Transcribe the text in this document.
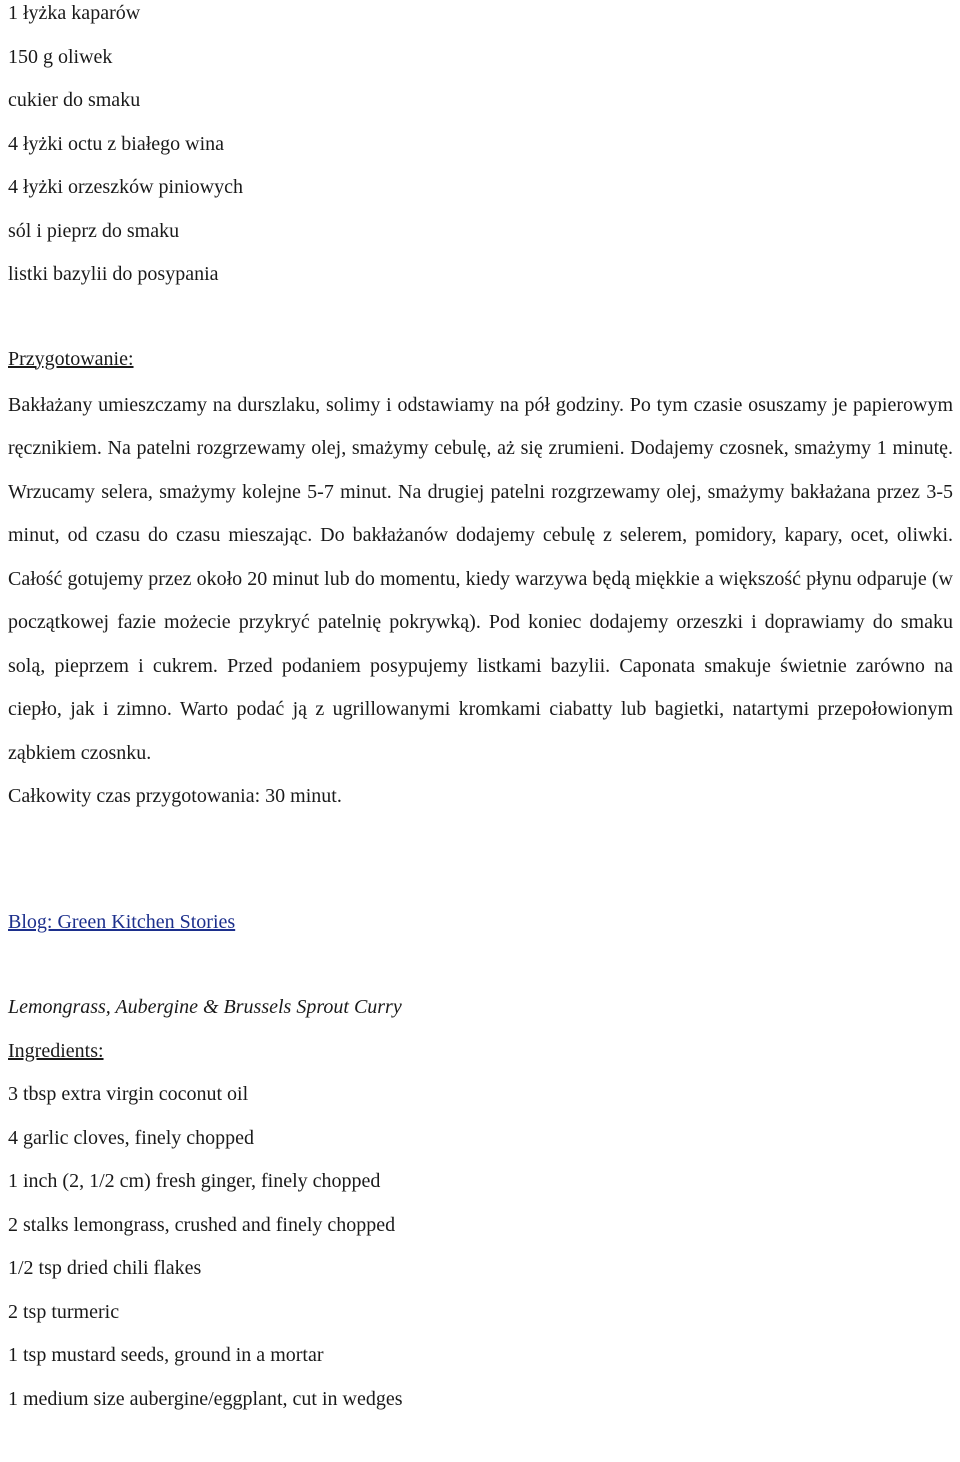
1 łyżka kaparów
150 g oliwek
cukier do smaku
4 łyżki octu z białego wina
4 łyżki orzeszków piniowych
sól i pieprz do smaku
listki bazylii do posypania
Przygotowanie:

Bakłażany umieszczamy na durszlaku, solimy i odstawiamy na pół godziny. Po tym czasie osuszamy je papierowym ręcznikiem. Na patelni rozgrzewamy olej, smażymy cebulę, aż się zrumieni. Dodajemy czosnek, smażymy 1 minutę. Wrzucamy selera, smażymy kolejne 5-7 minut. Na drugiej patelni rozgrzewamy olej, smażymy bakłażana przez 3-5 minut, od czasu do czasu mieszając. Do bakłażanów dodajemy cebulę z selerem, pomidory, kapary, ocet, oliwki. Całość gotujemy przez około 20 minut lub do momentu, kiedy warzywa będą miękkie a większość płynu odparuje (w początkowej fazie możecie przykryć patelnię pokrywką). Pod koniec dodajemy orzeszki i doprawiamy do smaku solą, pieprzem i cukrem. Przed podaniem posypujemy listkami bazylii. Caponata smakuje świetnie zarówno na ciepło, jak i zimno. Warto podać ją z ugrillowanymi kromkami ciabatty lub bagietki, natartymi przepołowionym ząbkiem czosnku.

Całkowity czas przygotowania: 30 minut.
Blog: Green Kitchen Stories
Lemongrass, Aubergine & Brussels Sprout Curry
Ingredients:
3 tbsp extra virgin coconut oil
4 garlic cloves, finely chopped
1 inch (2, 1/2 cm) fresh ginger, finely chopped
2 stalks lemongrass, crushed and finely chopped
1/2 tsp dried chili flakes
2 tsp turmeric
1 tsp mustard seeds, ground in a mortar
1 medium size aubergine/eggplant, cut in wedges
